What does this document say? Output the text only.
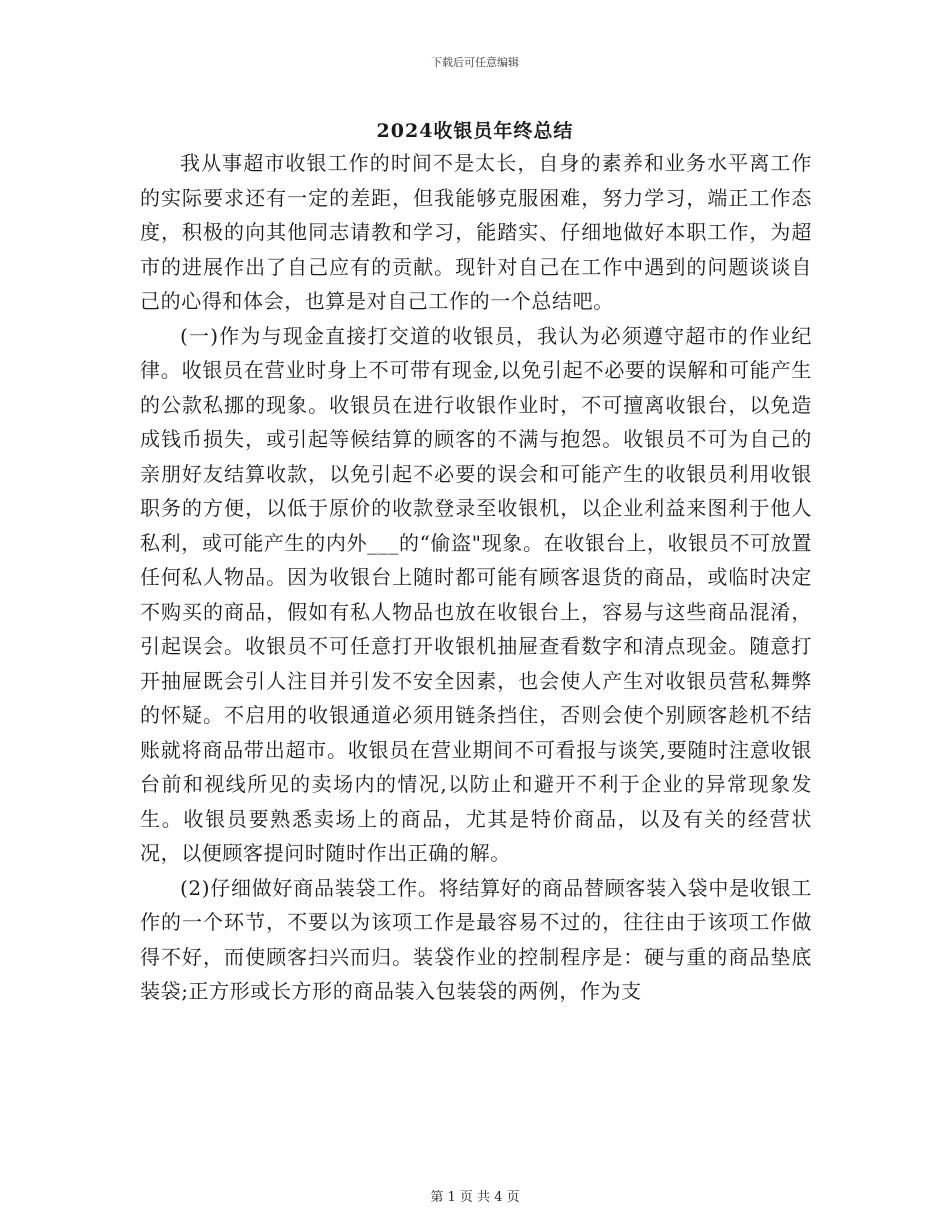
下载后可任意编辑
2024收银员年终总结

我从事超市收银工作的时间不是太长，自身的素养和业务水平离工作的实际要求还有一定的差距，但我能够克服困难，努力学习，端正工作态度，积极的向其他同志请教和学习，能踏实、仔细地做好本职工作，为超市的进展作出了自己应有的贡献。现针对自己在工作中遇到的问题谈谈自己的心得和体会，也算是对自己工作的一个总结吧。

(一)作为与现金直接打交道的收银员，我认为必须遵守超市的作业纪律。收银员在营业时身上不可带有现金,以免引起不必要的误解和可能产生的公款私挪的现象。收银员在进行收银作业时，不可擅离收银台，以免造成钱币损失，或引起等候结算的顾客的不满与抱怨。收银员不可为自己的亲朋好友结算收款，以免引起不必要的误会和可能产生的收银员利用收银职务的方便，以低于原价的收款登录至收银机，以企业利益来图利于他人私利，或可能产生的内外___的“偷盗"现象。在收银台上，收银员不可放置任何私人物品。因为收银台上随时都可能有顾客退货的商品，或临时决定不购买的商品，假如有私人物品也放在收银台上，容易与这些商品混淆，引起误会。收银员不可任意打开收银机抽屉查看数字和清点现金。随意打开抽屉既会引人注目并引发不安全因素，也会使人产生对收银员营私舞弊的怀疑。不启用的收银通道必须用链条挡住，否则会使个别顾客趁机不结账就将商品带出超市。收银员在营业期间不可看报与谈笑,要随时注意收银台前和视线所见的卖场内的情况,以防止和避开不利于企业的异常现象发生。收银员要熟悉卖场上的商品，尤其是特价商品，以及有关的经营状况，以便顾客提问时随时作出正确的解。

(2)仔细做好商品装袋工作。将结算好的商品替顾客装入袋中是收银工作的一个环节，不要以为该项工作是最容易不过的，往往由于该项工作做得不好，而使顾客扫兴而归。装袋作业的控制程序是：硬与重的商品垫底装袋;正方形或长方形的商品装入包装袋的两例，作为支

第 1 页 共 4 页
